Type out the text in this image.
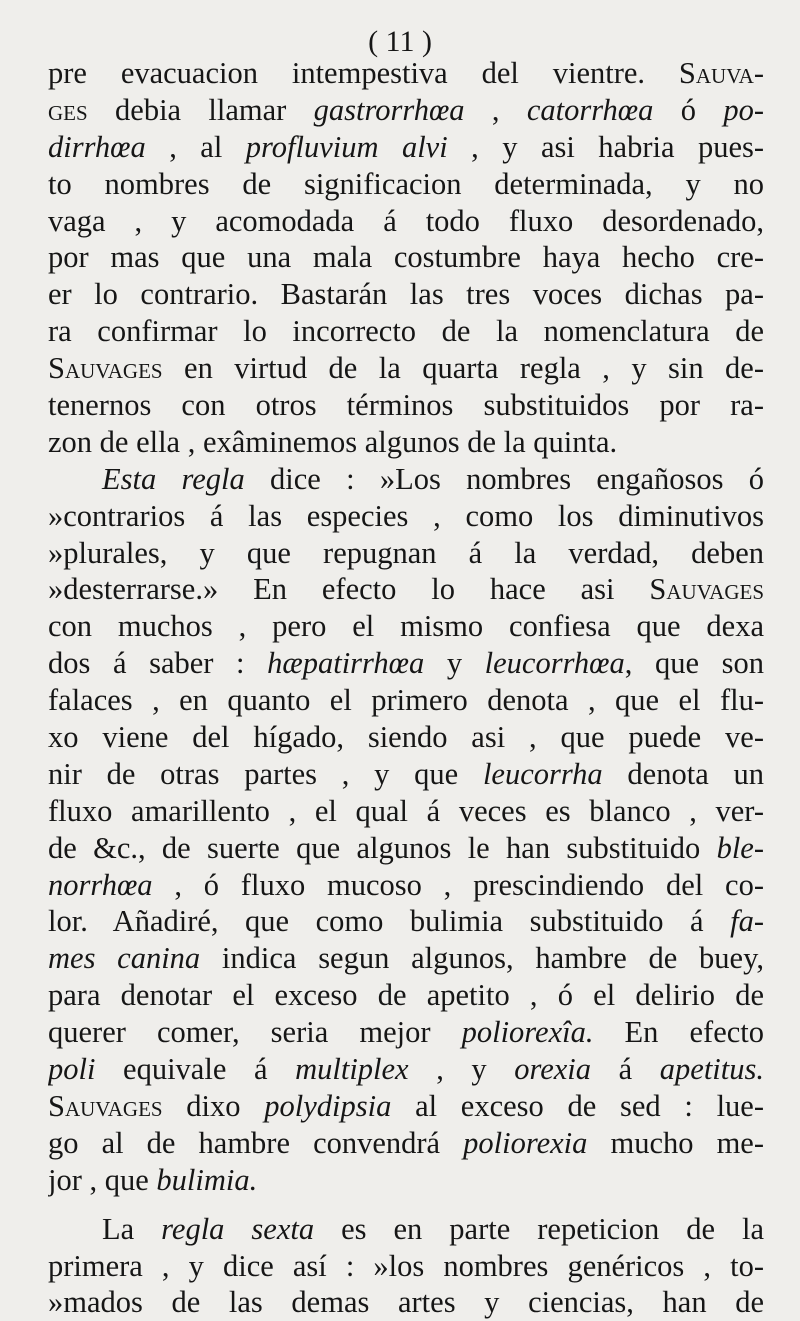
( 11 )
pre evacuacion intempestiva del vientre. Sauva-
ges debia llamar gastrorrhœa , catorrhœa ó po-
dirrhœa , al profluvium alvi , y asi habria pues-
to nombres de significacion determinada, y no
vaga , y acomodada á todo fluxo desordenado,
por mas que una mala costumbre haya hecho cre-
er lo contrario. Bastarán las tres voces dichas pa-
ra confirmar lo incorrecto de la nomenclatura de
Sauvages en virtud de la quarta regla , y sin de-
tenernos con otros términos substituidos por ra-
zon de ella , exâminemos algunos de la quinta.
Esta regla dice : »Los nombres engañosos ó
»contrarios á las especies , como los diminutivos
»plurales, y que repugnan á la verdad, deben
»desterrarse.» En efecto lo hace asi Sauvages
con muchos , pero el mismo confiesa que dexa
dos á saber : hæpatirrhœa y leucorrhœa, que son
falaces , en quanto el primero denota , que el flu-
xo viene del hígado, siendo asi , que puede ve-
nir de otras partes , y que leucorrha denota un
fluxo amarillento , el qual á veces es blanco , ver-
de &c., de suerte que algunos le han substituido ble-
norrhœa , ó fluxo mucoso , prescindiendo del co-
lor. Añadiré, que como bulimia substituido á fa-
mes canina indica segun algunos, hambre de buey,
para denotar el exceso de apetito , ó el delirio de
querer comer, seria mejor poliorexîa. En efecto
poli equivale á multiplex , y orexia á apetitus.
Sauvages dixo polydipsia al exceso de sed : lue-
go al de hambre convendrá poliorexia mucho me-
jor , que bulimia.
La regla sexta es en parte repeticion de la
primera , y dice así : »los nombres genéricos , to-
»mados de las demas artes y ciencias, han de
